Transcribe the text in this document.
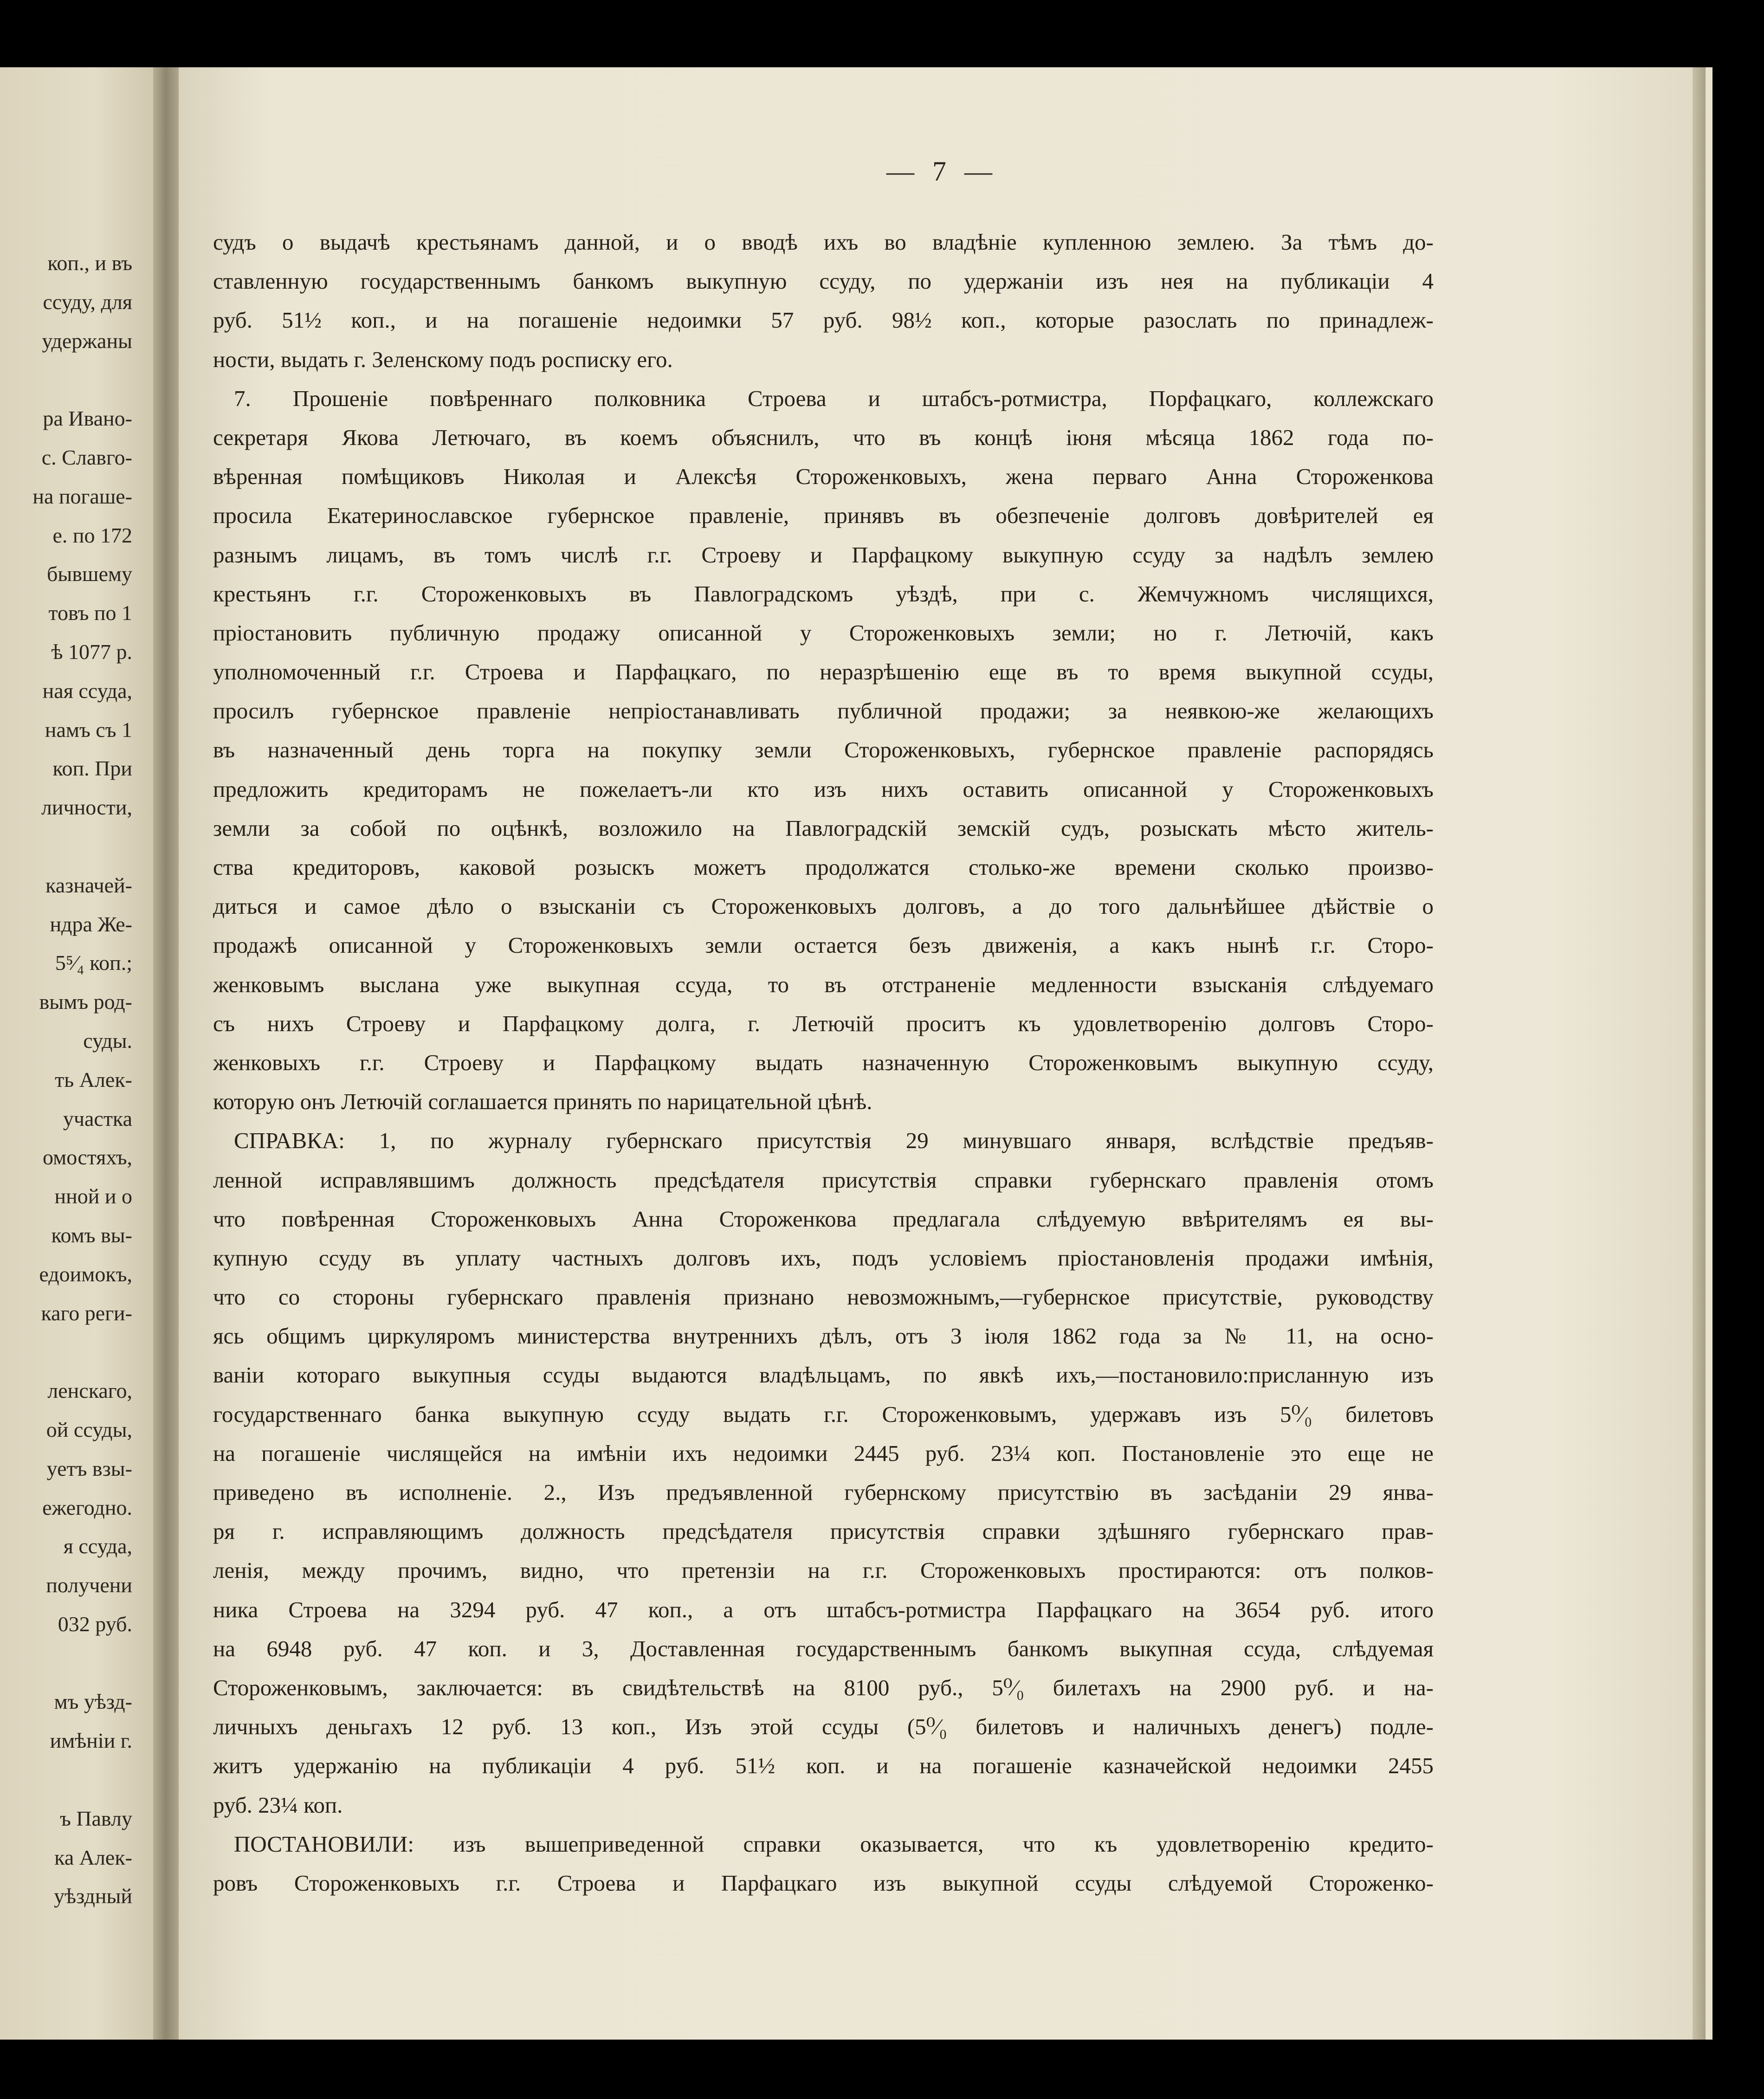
коп., и въ
ссуду, для
удержаны
ра Ивано-
с. Славго-
на погаше-
е. по 172
бывшему
товъ по 1
ѣ 1077 р.
ная ссуда,
намъ съ 1
коп. При
личности,
казначей-
ндра Же-
5⁵⁄₄ коп.;
вымъ род-
суды.
ть Алек-
участка
омостяхъ,
нной и о
комъ вы-
едоимокъ,
каго реги-
ленскаго,
ой ссуды,
уетъ взы-
ежегодно.
я ссуда,
получени
032 руб.
мъ уѣзд-
имѣнiи г.
ъ Павлу
ка Алек-
уѣздный
— 7 —
судъ о выдачѣ крестьянамъ данной, и о вводѣ ихъ во владѣнiе купленною землею. За тѣмъ до-
ставленную государственнымъ банкомъ выкупную ссуду, по удержанiи изъ нея на публикацiи 4
руб. 51½ коп., и на погашенiе недоимки 57 руб. 98½ коп., которые разослать по принадлеж-
ности, выдать г. Зеленскому подъ росписку его.
7. Прошенiе повѣреннаго полковника Строева и штабсъ-ротмистра, Порфацкаго, коллежскаго
секретаря Якова Летючаго, въ коемъ объяснилъ, что въ концѣ iюня мѣсяца 1862 года по-
вѣренная помѣщиковъ Николая и Алексѣя Стороженковыхъ, жена перваго Анна Стороженкова
просила Екатеринославское губернское правленiе, принявъ въ обезпеченiе долговъ довѣрителей ея
разнымъ лицамъ, въ томъ числѣ г.г. Строеву и Парфацкому выкупную ссуду за надѣлъ землею
крестьянъ г.г. Стороженковыхъ въ Павлоградскомъ уѣздѣ, при с. Жемчужномъ числящихся,
прiостановить публичную продажу описанной у Стороженковыхъ земли; но г. Летючiй, какъ
уполномоченный г.г. Строева и Парфацкаго, по неразрѣшенiю еще въ то время выкупной ссуды,
просилъ губернское правленiе непрiостанавливать публичной продажи; за неявкою-же желающихъ
въ назначенный день торга на покупку земли Стороженковыхъ, губернское правленiе распорядясь
предложить кредиторамъ не пожелаетъ-ли кто изъ нихъ оставить описанной у Стороженковыхъ
земли за собой по оцѣнкѣ, возложило на Павлоградскiй земскiй судъ, розыскать мѣсто житель-
ства кредиторовъ, каковой розыскъ можетъ продолжатся столько-же времени сколько произво-
диться и самое дѣло о взысканiи съ Стороженковыхъ долговъ, а до того дальнѣйшее дѣйствiе о
продажѣ описанной у Стороженковыхъ земли остается безъ движенiя, а какъ нынѣ г.г. Сторо-
женковымъ выслана уже выкупная ссуда, то въ отстраненiе медленности взысканiя слѣдуемаго
съ нихъ Строеву и Парфацкому долга, г. Летючiй проситъ къ удовлетворенiю долговъ Сторо-
женковыхъ г.г. Строеву и Парфацкому выдать назначенную Стороженковымъ выкупную ссуду,
которую онъ Летючiй соглашается принять по нарицательной цѣнѣ.
СПРАВКА: 1, по журналу губернскаго присутствiя 29 минувшаго января, вслѣдствiе предъяв-
ленной исправлявшимъ должность предсѣдателя присутствiя справки губернскаго правленiя отомъ
что повѣренная Стороженковыхъ Анна Стороженкова предлагала слѣдуемую ввѣрителямъ ея вы-
купную ссуду въ уплату частныхъ долговъ ихъ, подъ условiемъ прiостановленiя продажи имѣнiя,
что со стороны губернскаго правленiя признано невозможнымъ,—губернское присутствiе, руководству
ясь общимъ циркуляромъ министерства внутреннихъ дѣлъ, отъ 3 iюля 1862 года за № 11, на осно-
ванiи котораго выкупныя ссуды выдаются владѣльцамъ, по явкѣ ихъ,—постановило:присланную изъ
государственнаго банка выкупную ссуду выдать г.г. Стороженковымъ, удержавъ изъ 5⁰⁄₀ билетовъ
на погашенiе числящейся на имѣнiи ихъ недоимки 2445 руб. 23¼ коп. Постановленiе это еще не
приведено въ исполненiе. 2., Изъ предъявленной губернскому присутствiю въ засѣданiи 29 янва-
ря г. исправляющимъ должность предсѣдателя присутствiя справки здѣшняго губернскаго прав-
ленiя, между прочимъ, видно, что претензiи на г.г. Стороженковыхъ простираются: отъ полков-
ника Строева на 3294 руб. 47 коп., а отъ штабсъ-ротмистра Парфацкаго на 3654 руб. итого
на 6948 руб. 47 коп. и 3, Доставленная государственнымъ банкомъ выкупная ссуда, слѣдуемая
Стороженковымъ, заключается: въ свидѣтельствѣ на 8100 руб., 5⁰⁄₀ билетахъ на 2900 руб. и на-
личныхъ деньгахъ 12 руб. 13 коп., Изъ этой ссуды (5⁰⁄₀ билетовъ и наличныхъ денегъ) подле-
житъ удержанiю на публикацiи 4 руб. 51½ коп. и на погашенiе казначейской недоимки 2455
руб. 23¼ коп.
ПОСТАНОВИЛИ: изъ вышеприведенной справки оказывается, что къ удовлетворенiю кредито-
ровъ Стороженковыхъ г.г. Строева и Парфацкаго изъ выкупной ссуды слѣдуемой Стороженко-
